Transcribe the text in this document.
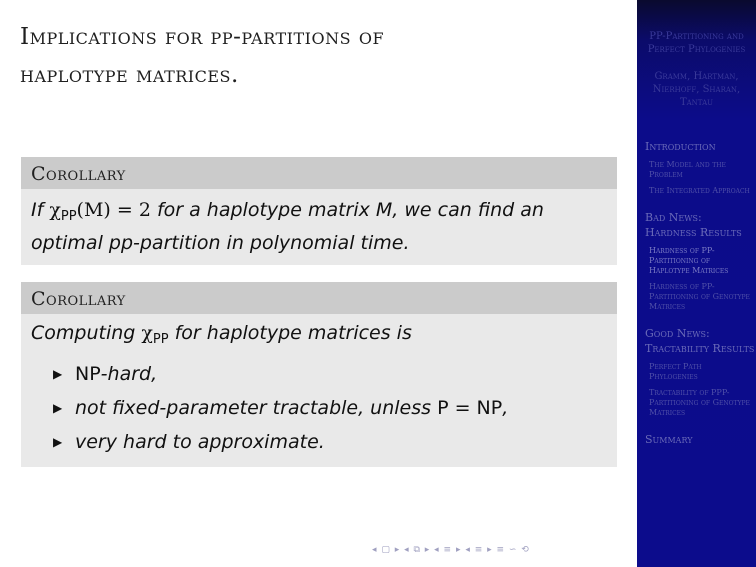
Implications for pp-partitions of
haplotype matrices.
Corollary
If $\chi_{PP}(M) = 2$ for a haplotype matrix M, we can find an optimal pp-partition in polynomial time.
Corollary
Computing $\chi_{PP}$ for haplotype matrices is
▶ NP-hard,
▶ not fixed-parameter tractable, unless P = NP,
▶ very hard to approximate.
PP-Partitioning and Perfect Phylogenies
Gramm, Hartman, Nierhoff, Sharan, Tantau
Introduction
The Model and the Problem
The Integrated Approach
Bad News: Hardness Results
Hardness of PP-Partitioning of Haplotype Matrices
Hardness of PP-Partitioning of Genotype Matrices
Good News: Tractability Results
Perfect Path Phylogenies
Tractability of PPP-Partitioning of Genotype Matrices
Summary
◂ ▢ ▸ ◂ ⧉ ▸ ◂ ≡ ▸ ◂ ≡ ▸ ≡ ∽ ⟲
